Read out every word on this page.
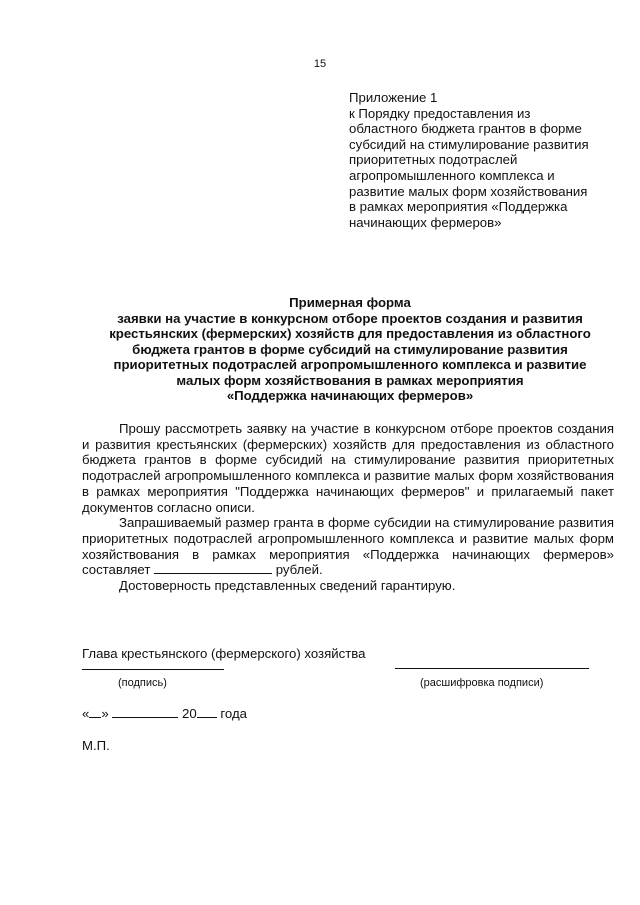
15
Приложение 1
к Порядку предоставления из
областного бюджета грантов в форме
субсидий на стимулирование развития
приоритетных подотраслей
агропромышленного комплекса и
развитие малых форм хозяйствования
в рамках мероприятия «Поддержка
начинающих фермеров»
Примерная форма
заявки на участие в конкурсном отборе проектов создания и развития
крестьянских (фермерских) хозяйств для предоставления из областного
бюджета грантов в форме субсидий на стимулирование развития
приоритетных подотраслей агропромышленного комплекса и развитие
малых форм хозяйствования в рамках мероприятия
«Поддержка начинающих фермеров»

Прошу рассмотреть заявку на участие в конкурсном отборе проектов создания и развития крестьянских (фермерских) хозяйств для предоставления из областного бюджета грантов в форме субсидий на стимулирование развития приоритетных подотраслей агропромышленного комплекса и развитие малых форм хозяйствования в рамках мероприятия "Поддержка начинающих фермеров" и прилагаемый пакет документов согласно описи.

Запрашиваемый размер гранта в форме субсидии на стимулирование развития приоритетных подотраслей агропромышленного комплекса и развитие малых форм хозяйствования в рамках мероприятия «Поддержка начинающих фермеров» составляет	рублей.

Достоверность представленных сведений гарантирую.

Глава крестьянского (фермерского) хозяйства
(подпись)	(расшифровка подписи)
« »	20 года
М.П.
